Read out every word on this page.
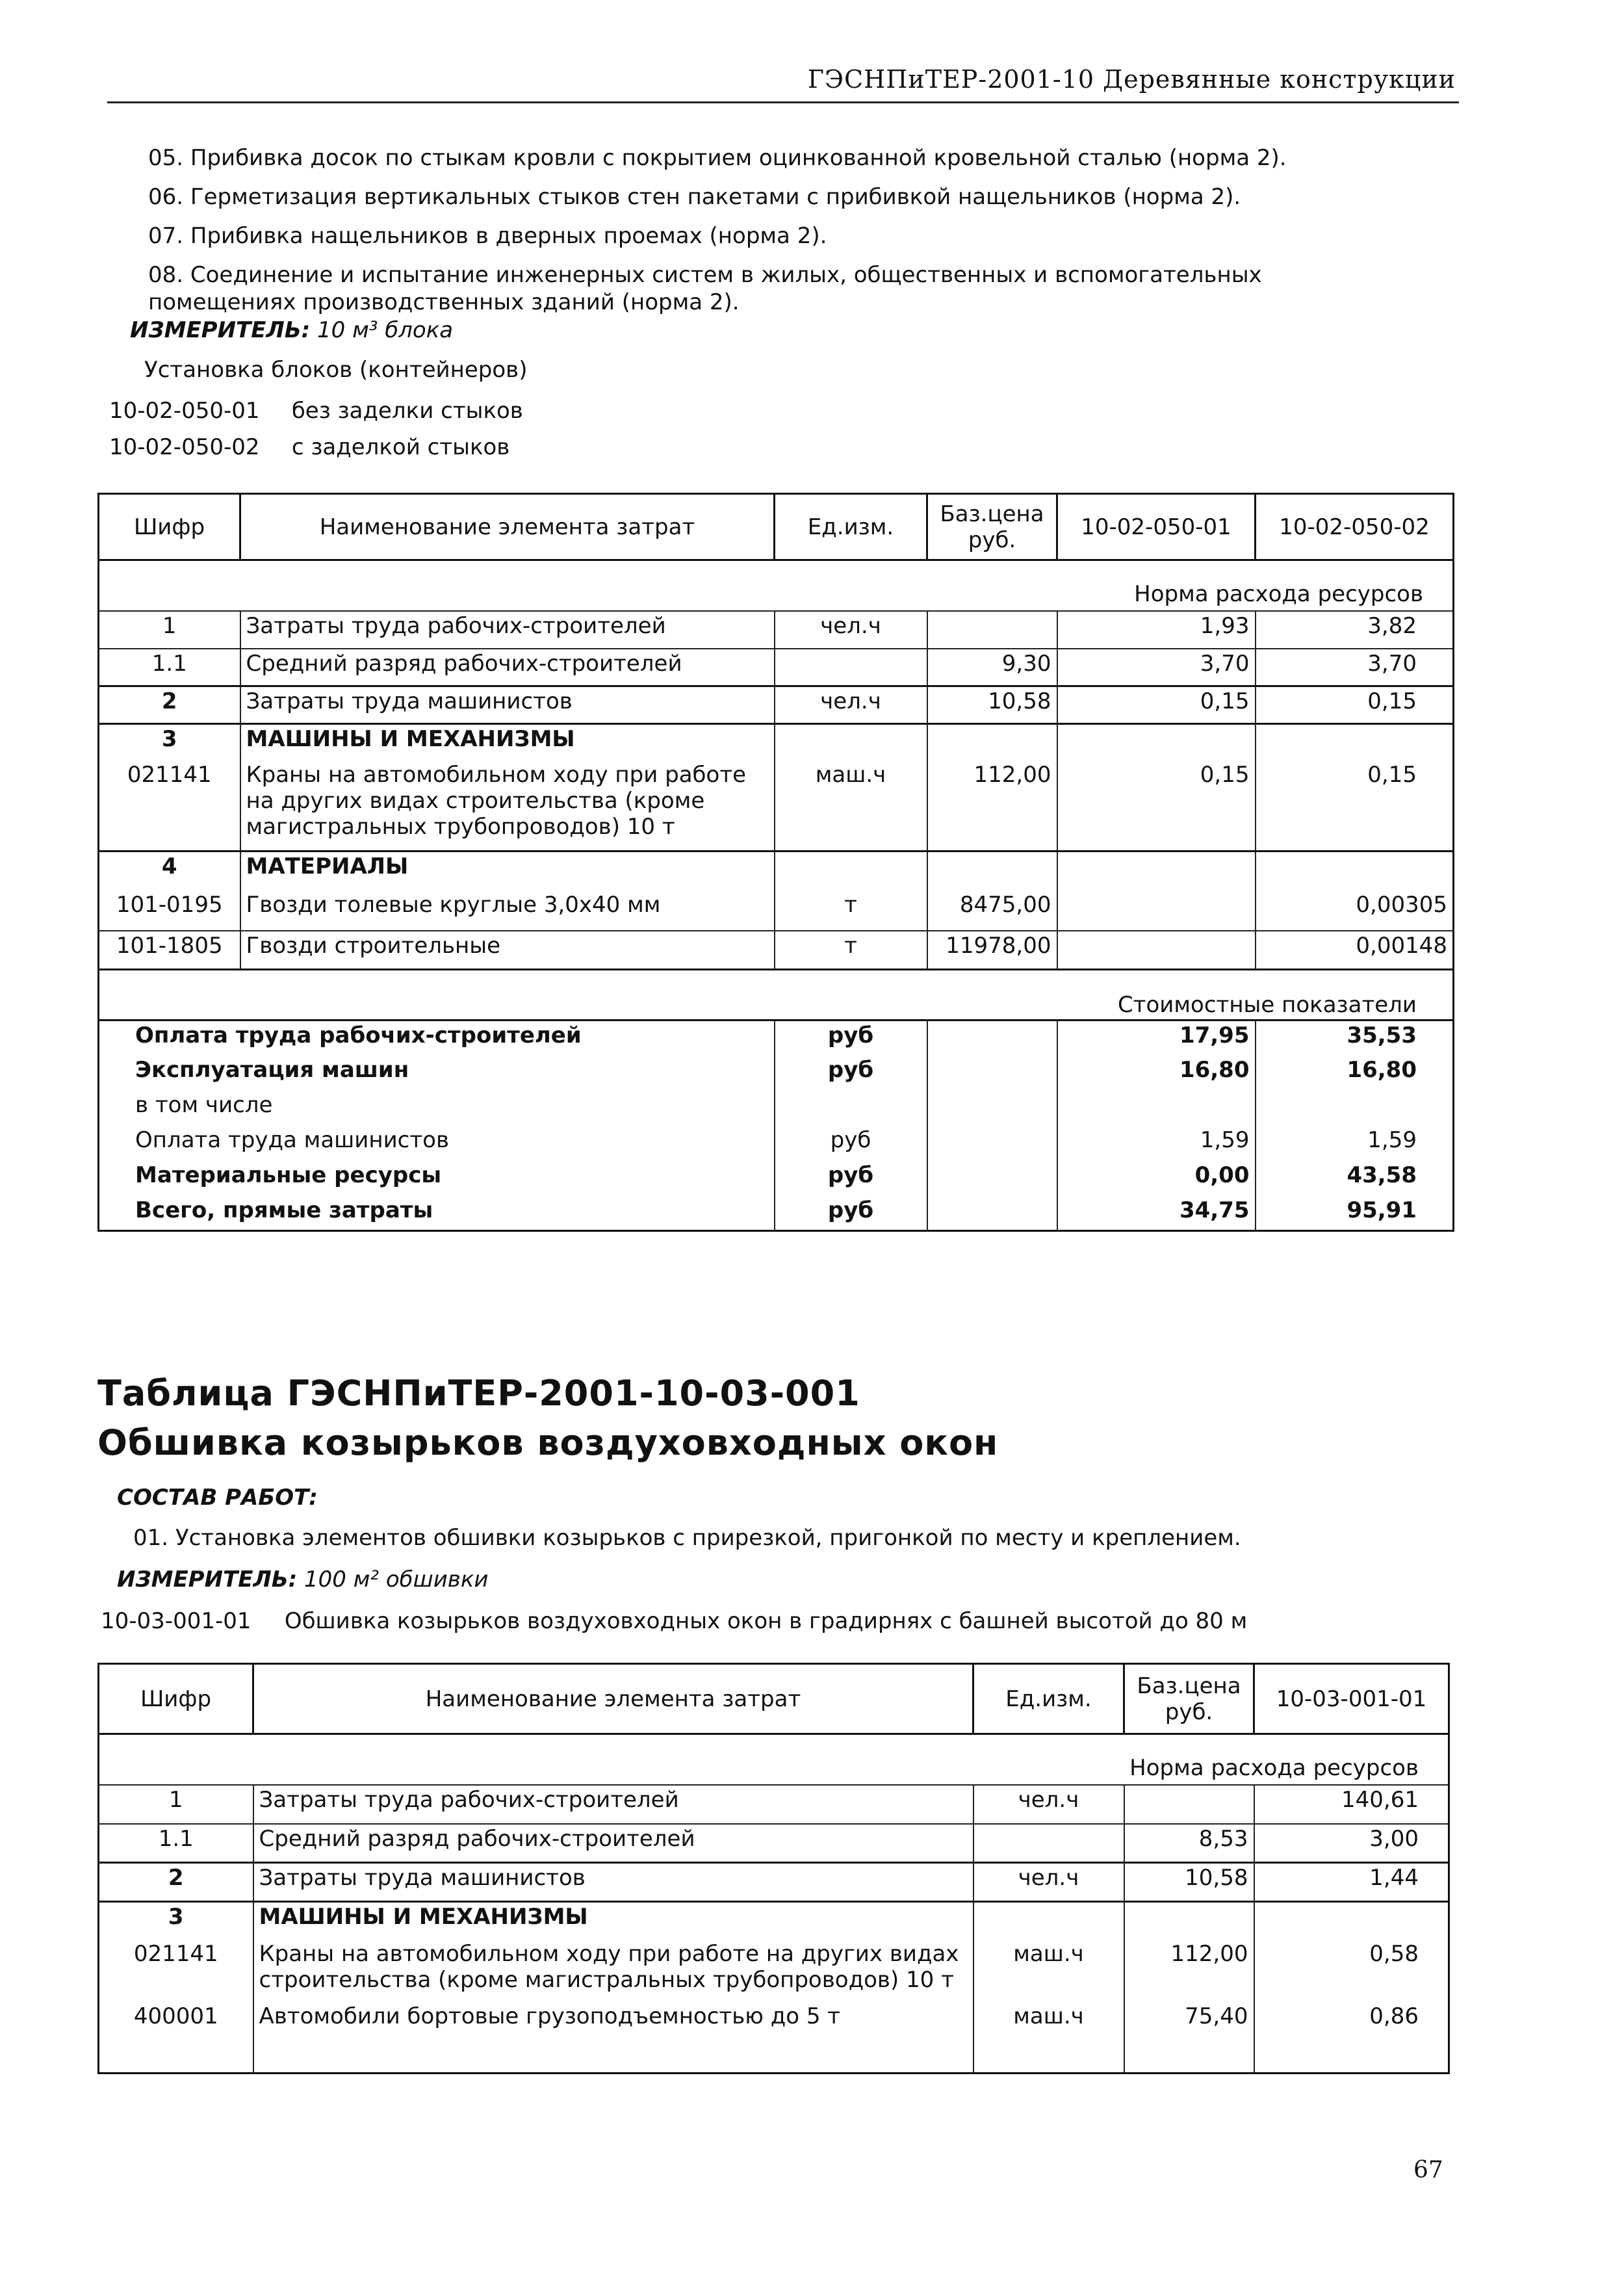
ГЭСНПиТЕР-2001-10 Деревянные конструкции
05. Прибивка досок по стыкам кровли с покрытием оцинкованной кровельной сталью (норма 2).
06. Герметизация вертикальных стыков стен пакетами с прибивкой нащельников (норма 2).
07. Прибивка нащельников в дверных проемах (норма 2).
08. Соединение и испытание инженерных систем в жилых, общественных и вспомогательных помещениях производственных зданий (норма 2).
ИЗМЕРИТЕЛЬ: 10 м³ блока
Установка блоков (контейнеров)
10-02-050-01 без заделки стыков
10-02-050-02 с заделкой стыков
Шифр	Наименование элемента затрат	Ед.изм.	Баз.цена руб.	10-02-050-01	10-02-050-02

Норма расхода ресурсов					
1	Затраты труда рабочих-строителей	чел.ч		1,93	3,82
1.1	Средний разряд рабочих-строителей		9,30	3,70	3,70
2	Затраты труда машинистов	чел.ч	10,58	0,15	0,15
3	МАШИНЫ И МЕХАНИЗМЫ				
021141	Краны на автомобильном ходу при работе на других видах строительства (кроме магистральных трубопроводов) 10 т	маш.ч	112,00	0,15	0,15
4	МАТЕРИАЛЫ				
101-0195	Гвозди толевые круглые 3,0х40 мм	т	8475,00		0,00305
101-1805	Гвозди строительные	т	11978,00		0,00148

Стоимостные показатели					
Оплата труда рабочих-строителей		руб		17,95	35,53
Эксплуатация машин		руб		16,80	16,80
в том числе					
Оплата труда машинистов		руб		1,59	1,59
Материальные ресурсы		руб		0,00	43,58
Всего, прямые затраты		руб		34,75	95,91
Таблица ГЭСНПиТЕР-2001-10-03-001
Обшивка козырьков воздуховходных окон
СОСТАВ РАБОТ:
01. Установка элементов обшивки козырьков с прирезкой, пригонкой по месту и креплением.
ИЗМЕРИТЕЛЬ: 100 м² обшивки
10-03-001-01 Обшивка козырьков воздуховходных окон в градирнях с башней высотой до 80 м
Шифр	Наименование элемента затрат	Ед.изм.	Баз.цена руб.	10-03-001-01

Норма расхода ресурсов				
1	Затраты труда рабочих-строителей	чел.ч		140,61
1.1	Средний разряд рабочих-строителей		8,53	3,00
2	Затраты труда машинистов	чел.ч	10,58	1,44
3	МАШИНЫ И МЕХАНИЗМЫ			
021141	Краны на автомобильном ходу при работе на других видах строительства (кроме магистральных трубопроводов) 10 т	маш.ч	112,00	0,58
400001	Автомобили бортовые грузоподъемностью до 5 т	маш.ч	75,40	0,86
67
